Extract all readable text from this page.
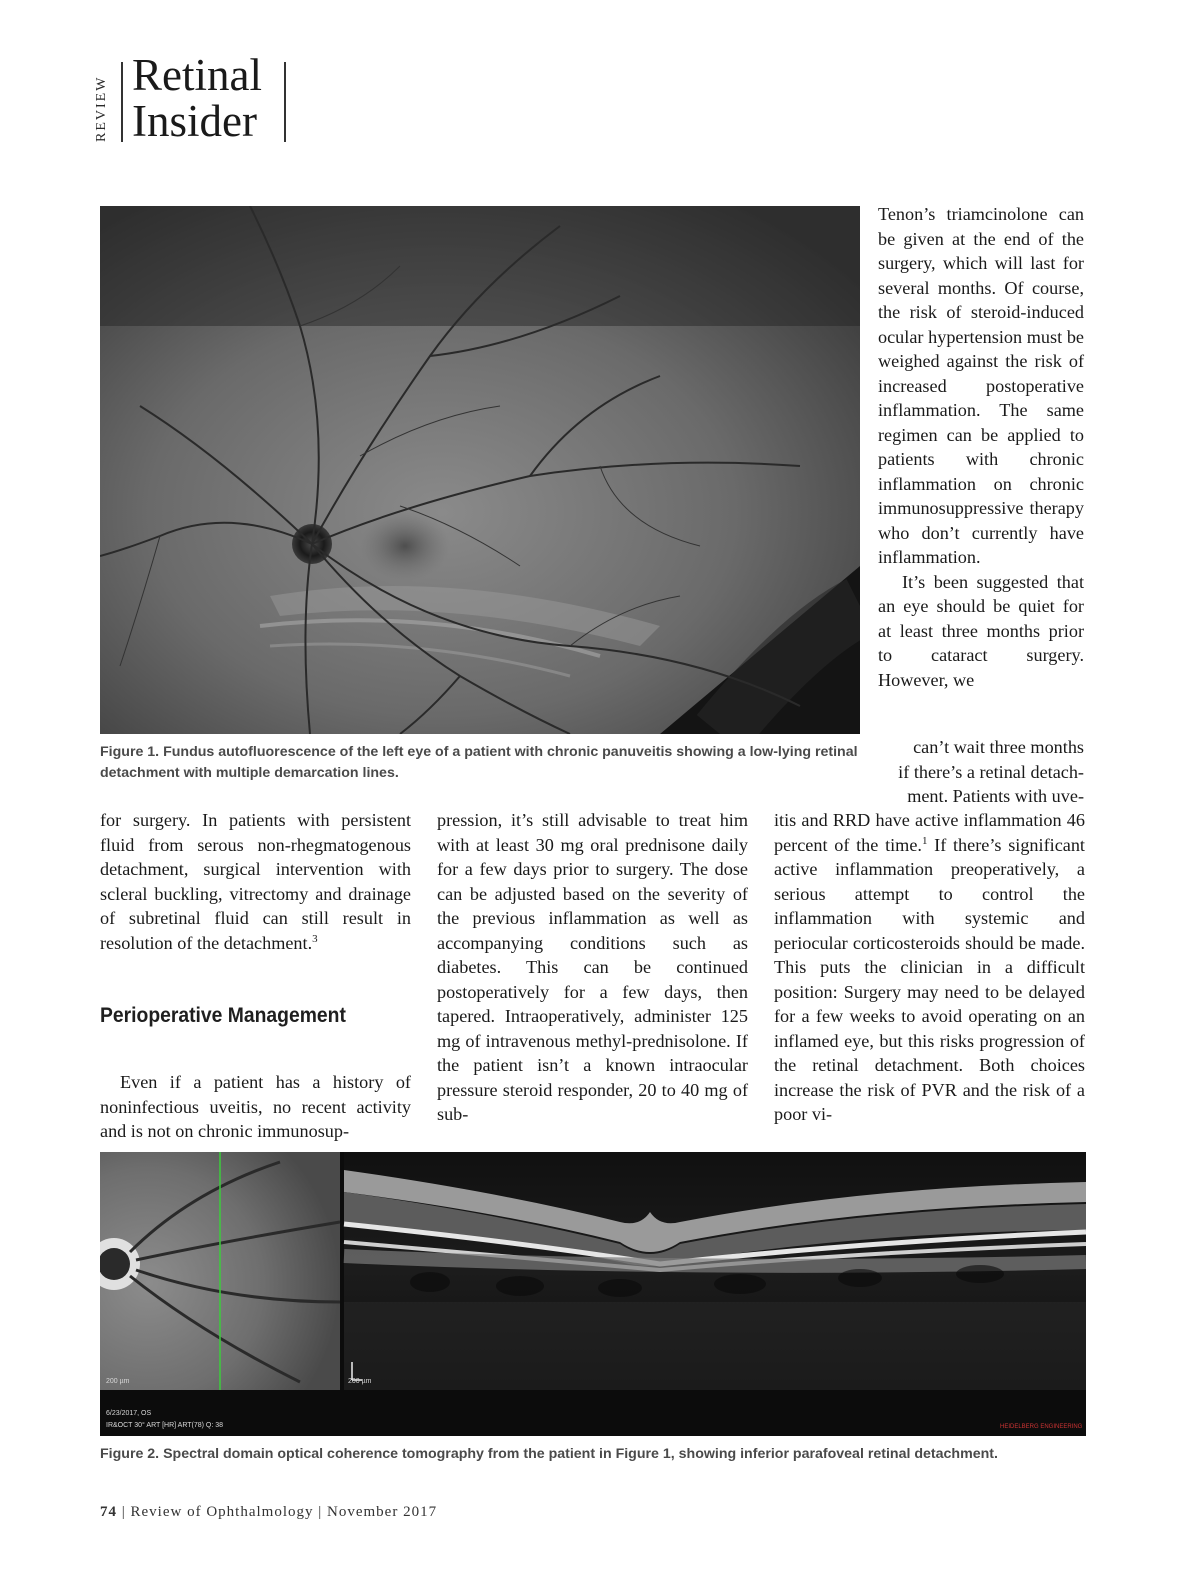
REVIEW
Retinal
Insider
Figure 1. Fundus autofluorescence of the left eye of a patient with chronic panuveitis showing a low-lying retinal detachment with multiple demarcation lines.

Tenon’s triamcinolone can be given at the end of the surgery, which will last for several months. Of course, the risk of steroid-induced ocular hypertension must be weighed against the risk of increased postoperative inflammation. The same regimen can be applied to patients with chronic inflammation on chronic immunosuppressive therapy who don’t currently have inflammation.

It’s been suggested that an eye should be quiet for at least three months prior to cataract surgery. However, we

can’t wait three months
if there’s a retinal detach-
ment. Patients with uve-

for surgery. In patients with persistent fluid from serous non-rhegmatogenous detachment, surgical intervention with scleral buckling, vitrectomy and drainage of subretinal fluid can still result in resolution of the detachment.$^3$

Perioperative Management

Even if a patient has a history of noninfectious uveitis, no recent activity and is not on chronic immunosup-

pression, it’s still advisable to treat him with at least 30 mg oral prednisone daily for a few days prior to surgery. The dose can be adjusted based on the severity of the previous inflammation as well as accompanying conditions such as diabetes. This can be continued postoperatively for a few days, then tapered. Intraoperatively, administer 125 mg of intravenous methyl-prednisolone. If the patient isn’t a known intraocular pressure steroid responder, 20 to 40 mg of sub-

itis and RRD have active inflammation 46 percent of the time.$^1$ If there’s significant active inflammation preoperatively, a serious attempt to control the inflammation with systemic and periocular corticosteroids should be made. This puts the clinician in a difficult position: Surgery may need to be delayed for a few weeks to avoid operating on an inflamed eye, but this risks progression of the retinal detachment. Both choices increase the risk of PVR and the risk of a poor vi-

200 µm	200 µm
6/23/2017, OS
IR&OCT 30° ART [HR] ART(78) Q: 38	HEIDELBERG ENGINEERING
Figure 2. Spectral domain optical coherence tomography from the patient in Figure 1, showing inferior parafoveal retinal detachment.
74 | Review of Ophthalmology | November 2017
